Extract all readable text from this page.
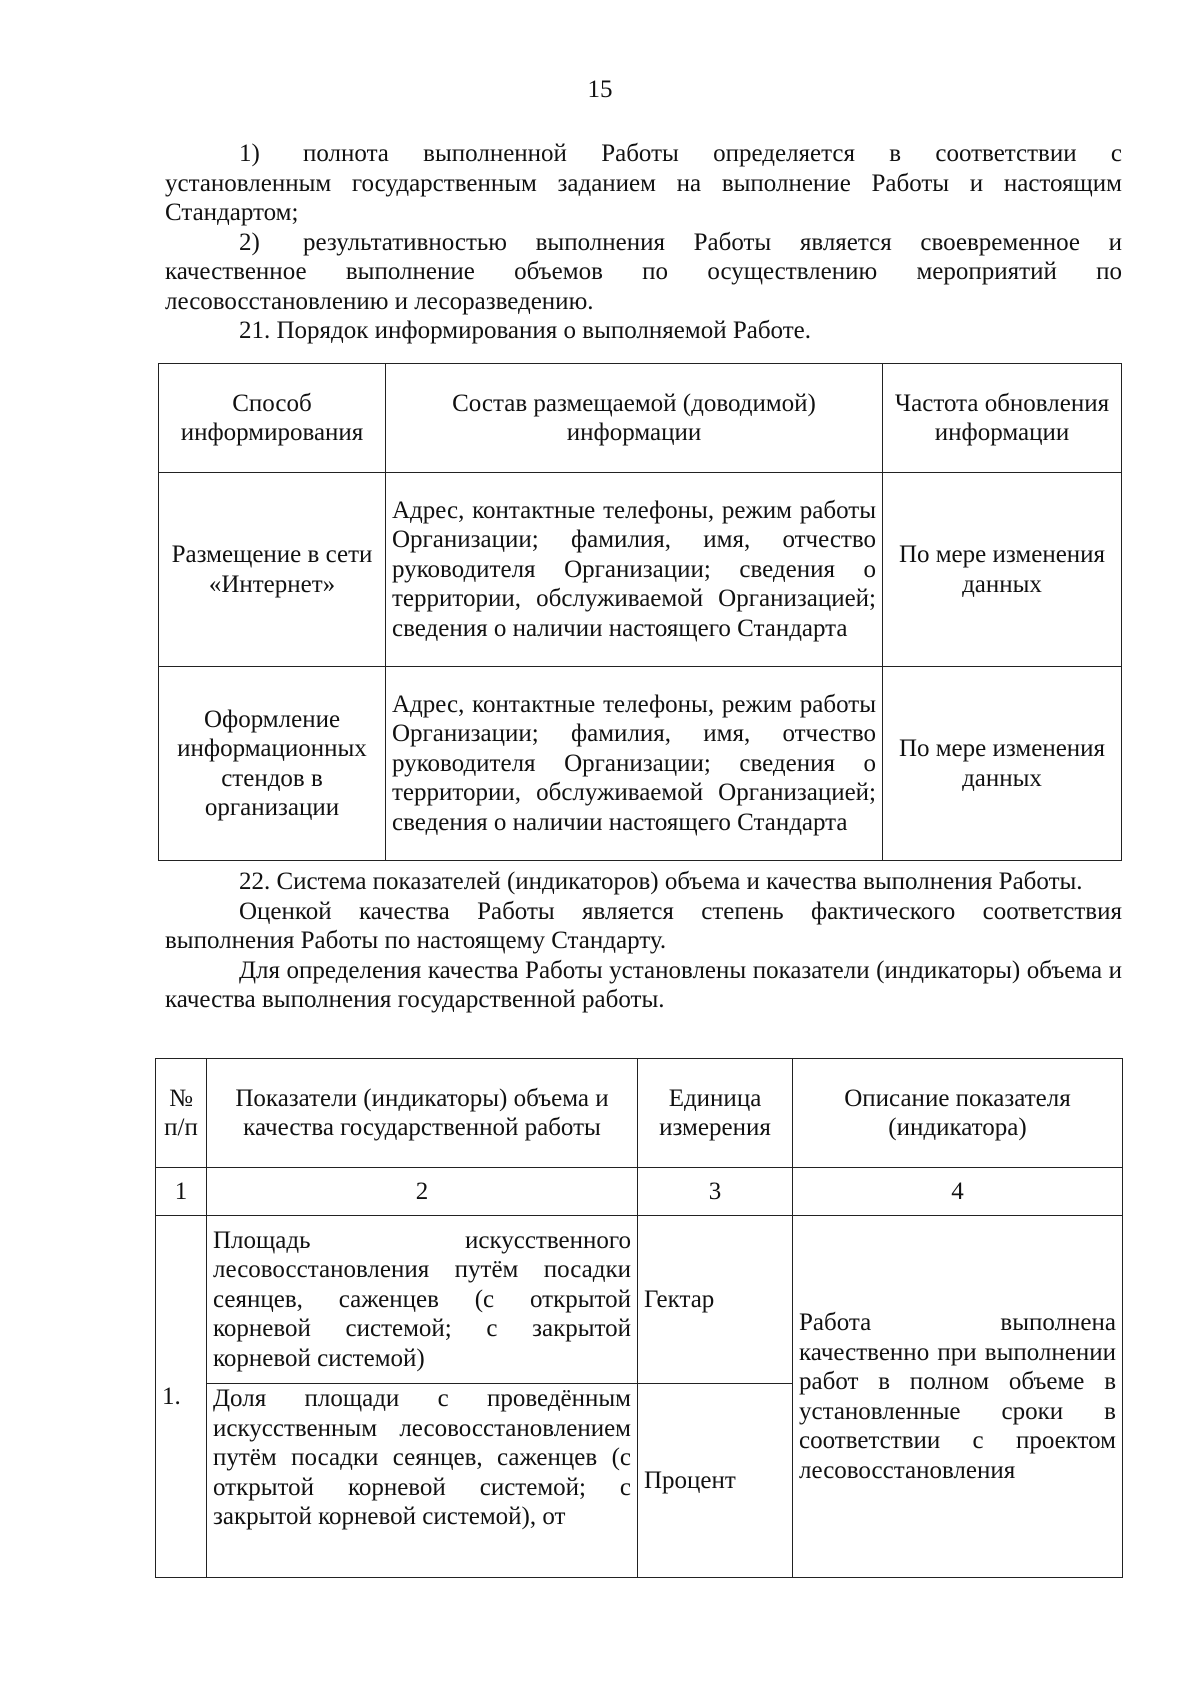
15

1) полнота выполненной Работы определяется в соответствии с установленным государственным заданием на выполнение Работы и настоящим Стандартом;

2) результативностью выполнения Работы является своевременное и качественное выполнение объемов по осуществлению мероприятий по лесовосстановлению и лесоразведению.

21. Порядок информирования о выполняемой Работе.

Способ информирования	Состав размещаемой (доводимой) информации	Частота обновления информации
Размещение в сети «Интернет»	Адрес, контактные телефоны, режим работы Организации; фамилия, имя, отчество руководителя Организации; сведения о территории, обслуживаемой Организацией; сведения о наличии настоящего Стандарта	По мере изменения данных
Оформление информационных стендов в организации	Адрес, контактные телефоны, режим работы Организации; фамилия, имя, отчество руководителя Организации; сведения о территории, обслуживаемой Организацией; сведения о наличии настоящего Стандарта	По мере изменения данных

22. Система показателей (индикаторов) объема и качества выполнения Работы.

Оценкой качества Работы является степень фактического соответствия выполнения Работы по настоящему Стандарту.

Для определения качества Работы установлены показатели (индикаторы) объема и качества выполнения государственной работы.

№ п/п	Показатели (индикаторы) объема и качества государственной работы	Единица измерения	Описание показателя (индикатора)
1	2	3	4
1.	Площадь искусственного лесовосстановления путём посадки сеянцев, саженцев (с открытой корневой системой; с закрытой корневой системой)	Гектар	Работа выполнена качественно при выполнении работ в полном объеме в установленные сроки в соответствии с проектом лесовосстановления
	Доля площади с проведённым искусственным лесовосстановлением путём посадки сеянцев, саженцев (с открытой корневой системой; с закрытой корневой системой), от	Процент	
